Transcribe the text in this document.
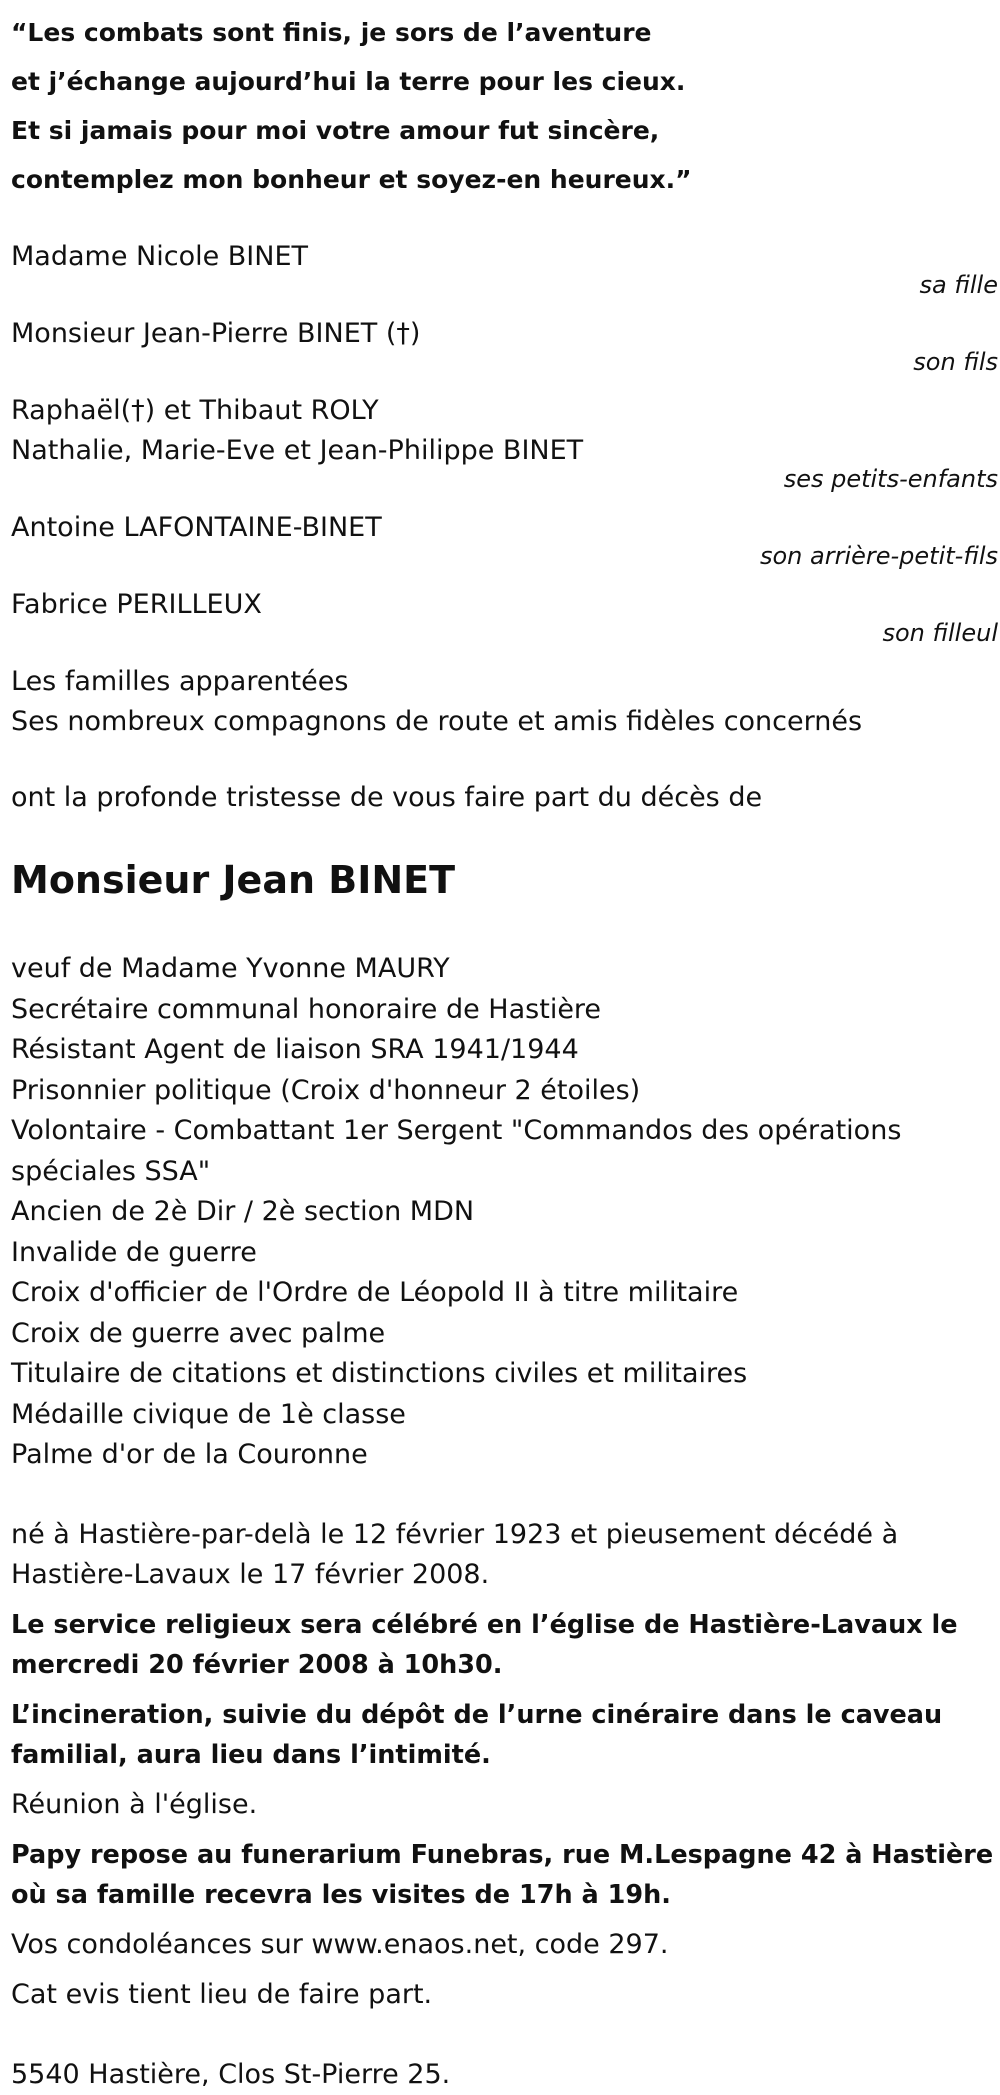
“Les combats sont finis, je sors de l’aventure
et j’échange aujourd’hui la terre pour les cieux.
Et si jamais pour moi votre amour fut sincère,
contemplez mon bonheur et soyez-en heureux.”
Madame Nicole BINET
sa fille
Monsieur Jean-Pierre BINET (†)
son fils
Raphaël(†) et Thibaut ROLY
Nathalie, Marie-Eve et Jean-Philippe BINET
ses petits-enfants
Antoine LAFONTAINE-BINET
son arrière-petit-fils
Fabrice PERILLEUX
son filleul
Les familles apparentées
Ses nombreux compagnons de route et amis fidèles concernés
ont la profonde tristesse de vous faire part du décès de
Monsieur Jean BINET
veuf de Madame Yvonne MAURY
Secrétaire communal honoraire de Hastière
Résistant Agent de liaison SRA 1941/1944
Prisonnier politique (Croix d'honneur 2 étoiles)
Volontaire - Combattant 1er Sergent "Commandos des opérations
spéciales SSA"
Ancien de 2è Dir / 2è section MDN
Invalide de guerre
Croix d'officier de l'Ordre de Léopold II à titre militaire
Croix de guerre avec palme
Titulaire de citations et distinctions civiles et militaires
Médaille civique de 1è classe
Palme d'or de la Couronne
né à Hastière-par-delà le 12 février 1923 et pieusement décédé à
Hastière-Lavaux le 17 février 2008.
Le service religieux sera célébré en l’église de Hastière-Lavaux le
mercredi 20 février 2008 à 10h30.
L’incineration, suivie du dépôt de l’urne cinéraire dans le caveau
familial, aura lieu dans l’intimité.
Réunion à l'église.
Papy repose au funerarium Funebras, rue M.Lespagne 42 à Hastière
où sa famille recevra les visites de 17h à 19h.
Vos condoléances sur www.enaos.net, code 297.
Cat evis tient lieu de faire part.
5540 Hastière, Clos St-Pierre 25.
